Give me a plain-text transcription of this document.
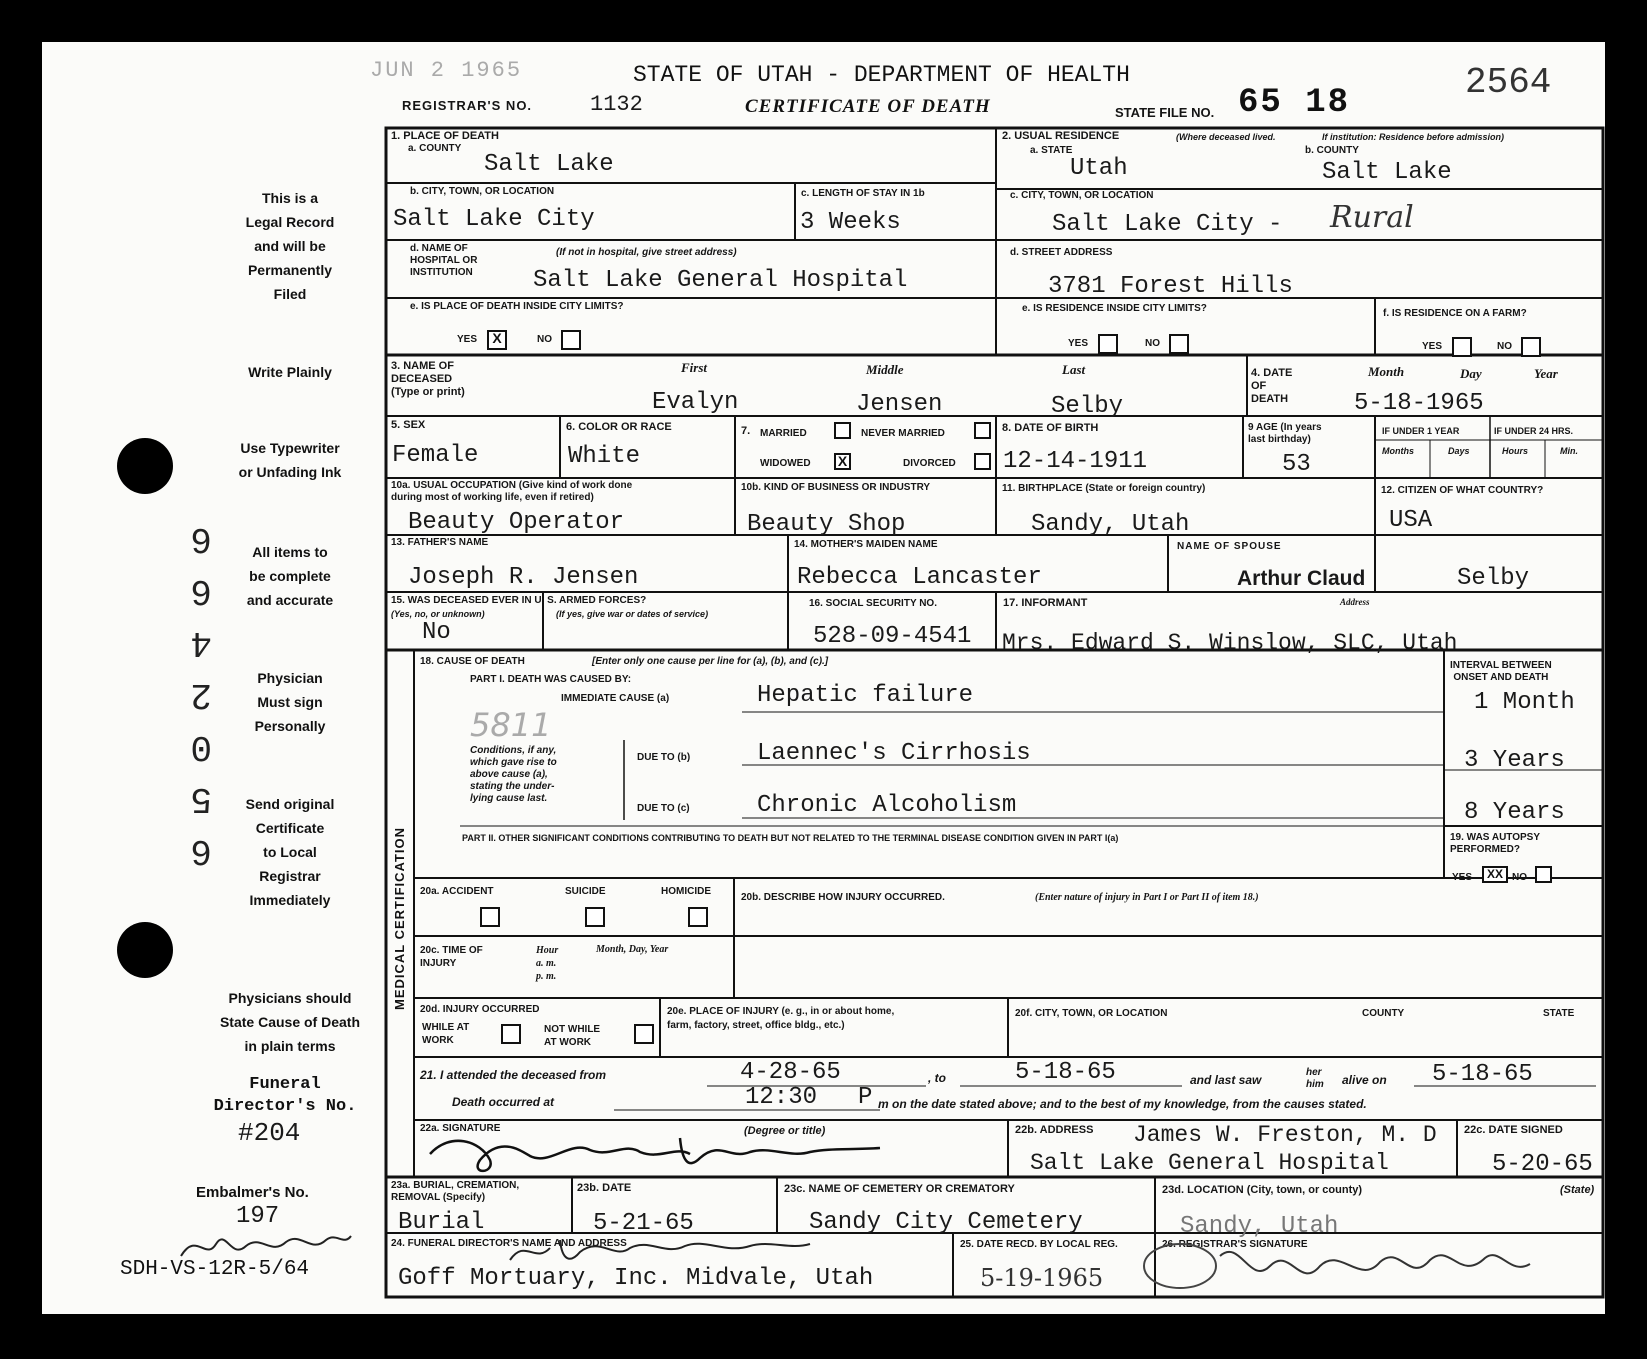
JUN 2 1965	STATE OF UTAH - DEPARTMENT OF HEALTH
REGISTRAR'S NO.	1132	CERTIFICATE OF DEATH	STATE FILE NO. 65 18	2564
This is a
Legal Record
and will be
Permanently
Filed
Write Plainly
Use Typewriter
or Unfading Ink
All items to
be complete
and accurate
Physician
Must sign
Personally
Send original
Certificate
to Local
Registrar
Immediately
Physicians should
State Cause of Death
in plain terms
Funeral
Director's No.
#204
Embalmer's No.
197
SDH-VS-12R-5/64
6502466
MEDICAL CERTIFICATION
1. PLACE OF DEATH
a. COUNTY
Salt Lake
2. USUAL RESIDENCE	(Where deceased lived.	If institution: Residence before admission)
a. STATE	b. COUNTY
Utah	Salt Lake
b. CITY, TOWN, OR LOCATION
Salt Lake City
c. LENGTH OF STAY IN 1b
3 Weeks
c. CITY, TOWN, OR LOCATION
Salt Lake City - Rural
d. NAME OF
HOSPITAL OR
INSTITUTION
(If not in hospital, give street address)
Salt Lake General Hospital
d. STREET ADDRESS
3781 Forest Hills
e. IS PLACE OF DEATH INSIDE CITY LIMITS?
YES	X	NO
e. IS RESIDENCE INSIDE CITY LIMITS?
YES	NO
f. IS RESIDENCE ON A FARM?
YES	NO
3. NAME OF
DECEASED
(Type or print)
First	Middle	Last
Evalyn	Jensen	Selby
4. DATE
OF
DEATH
Month	Day	Year
5-18-1965
5. SEX
Female
6. COLOR OR RACE
White
7. MARRIED	NEVER MARRIED
WIDOWED X	DIVORCED
8. DATE OF BIRTH
12-14-1911
9 AGE (In years
last birthday)
53
IF UNDER 1 YEAR	IF UNDER 24 HRS.
Months	Days	Hours	Min.
10a. USUAL OCCUPATION (Give kind of work done
during most of working life, even if retired)
Beauty Operator
10b. KIND OF BUSINESS OR INDUSTRY
Beauty Shop
11. BIRTHPLACE (State or foreign country)
Sandy, Utah
12. CITIZEN OF WHAT COUNTRY?
USA
13. FATHER'S NAME
Joseph R. Jensen
14. MOTHER'S MAIDEN NAME
Rebecca Lancaster
NAME OF SPOUSE
Arthur Claud	Selby
Address
15. WAS DECEASED EVER IN U. S. ARMED FORCES?
(Yes, no, or unknown)	(If yes, give war or dates of service)
No
16. SOCIAL SECURITY NO.
528-09-4541
17. INFORMANT
Mrs. Edward S. Winslow, SLC, Utah
18. CAUSE OF DEATH	[Enter only one cause per line for (a), (b), and (c).]
PART I. DEATH WAS CAUSED BY:
IMMEDIATE CAUSE (a)	Hepatic failure
5811
Conditions, if any,
which gave rise to
above cause (a),
stating the under-
lying cause last.
DUE TO (b)	Laennec's Cirrhosis
DUE TO (c)	Chronic Alcoholism
INTERVAL BETWEEN
ONSET AND DEATH
1 Month
3 Years
8 Years
PART II. OTHER SIGNIFICANT CONDITIONS CONTRIBUTING TO DEATH BUT NOT RELATED TO THE TERMINAL DISEASE CONDITION GIVEN IN PART I(a)	19. WAS AUTOPSY
PERFORMED?
YES	XX NO
20a. ACCIDENT	SUICIDE	HOMICIDE
20b. DESCRIBE HOW INJURY OCCURRED.	(Enter nature of injury in Part I or Part II of item 18.)
20c. TIME OF
INJURY
Hour
a. m.
p. m.
Month, Day, Year
20d. INJURY OCCURRED
WHILE AT
WORK
NOT WHILE
AT WORK
20e. PLACE OF INJURY (e. g., in or about home,
farm, factory, street, office bldg., etc.)
20f. CITY, TOWN, OR LOCATION	COUNTY	STATE
21. I attended the deceased from	4-28-65	, to	5-18-65	and last saw
her
him alive on 5-18-65
Death occurred at	12:30 P m on the date stated above; and to the best of my knowledge, from the causes stated.
22a. SIGNATURE	(Degree or title)	22b. ADDRESS James W. Freston, M. D
Salt Lake General Hospital
22c. DATE SIGNED
5-20-65
23a. BURIAL, CREMATION,
REMOVAL (Specify)
Burial
23b. DATE
5-21-65
23c. NAME OF CEMETERY OR CREMATORY
Sandy City Cemetery
23d. LOCATION (City, town, or county)	(State)
Sandy, Utah
24. FUNERAL DIRECTOR'S NAME AND ADDRESS
Goff Mortuary, Inc. Midvale, Utah
25. DATE RECD. BY LOCAL REG.
5-19-1965
26. REGISTRAR'S SIGNATURE
